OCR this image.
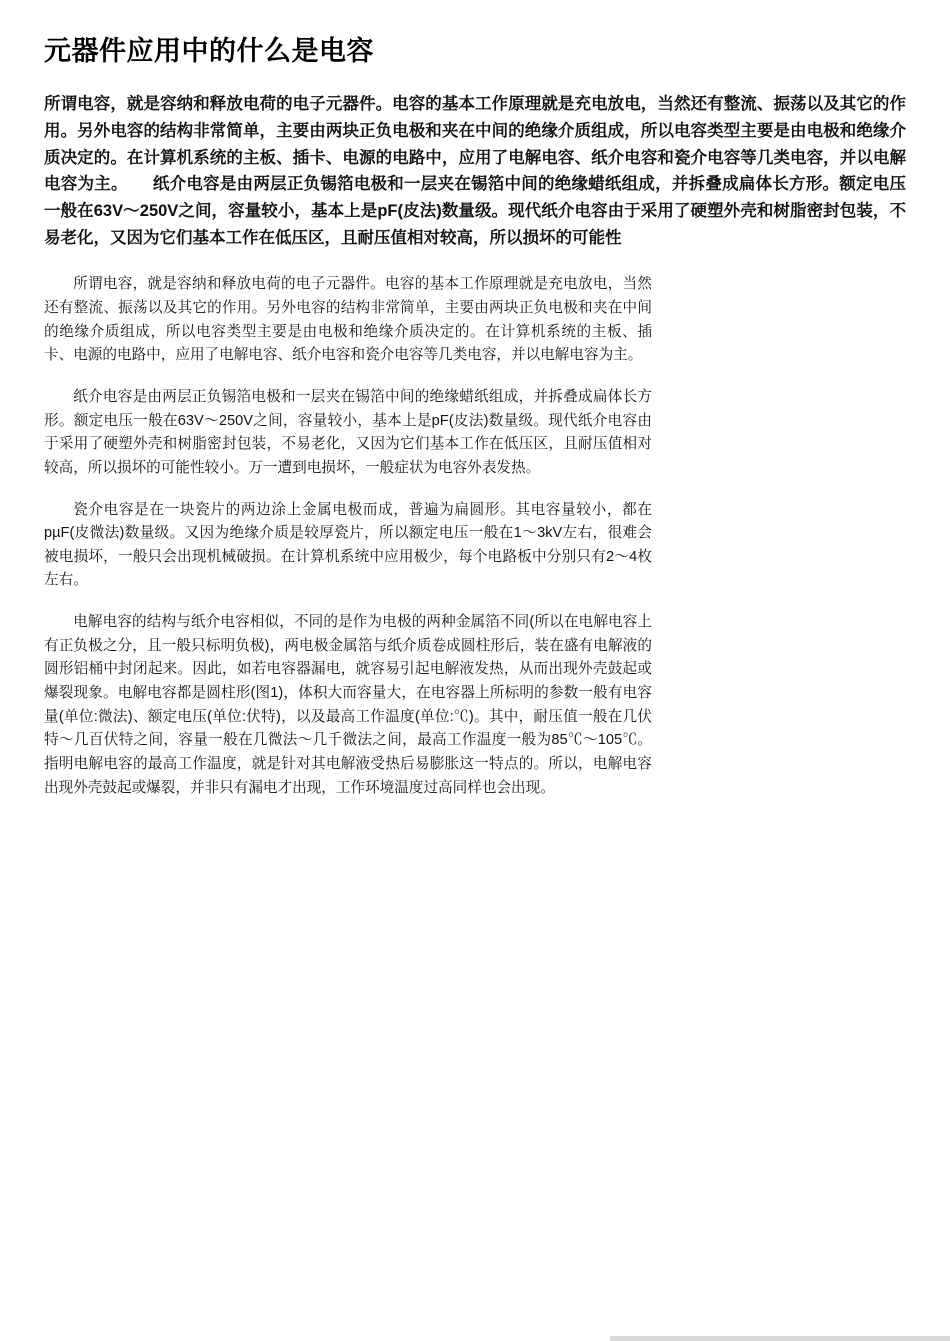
元器件应用中的什么是电容

所谓电容，就是容纳和释放电荷的电子元器件。电容的基本工作原理就是充电放电，当然还有整流、振荡以及其它的作用。另外电容的结构非常简单，主要由两块正负电极和夹在中间的绝缘介质组成，所以电容类型主要是由电极和绝缘介质决定的。在计算机系统的主板、插卡、电源的电路中，应用了电解电容、纸介电容和瓷介电容等几类电容，并以电解电容为主。　　纸介电容是由两层正负锡箔电极和一层夹在锡箔中间的绝缘蜡纸组成，并拆叠成扁体长方形。额定电压一般在63V～250V之间，容量较小，基本上是pF(皮法)数量级。现代纸介电容由于采用了硬塑外壳和树脂密封包装，不易老化，又因为它们基本工作在低压区，且耐压值相对较高，所以损坏的可能性

所谓电容，就是容纳和释放电荷的电子元器件。电容的基本工作原理就是充电放电，当然还有整流、振荡以及其它的作用。另外电容的结构非常简单，主要由两块正负电极和夹在中间的绝缘介质组成，所以电容类型主要是由电极和绝缘介质决定的。在计算机系统的主板、插卡、电源的电路中，应用了电解电容、纸介电容和瓷介电容等几类电容，并以电解电容为主。

纸介电容是由两层正负锡箔电极和一层夹在锡箔中间的绝缘蜡纸组成，并拆叠成扁体长方形。额定电压一般在63V～250V之间，容量较小，基本上是pF(皮法)数量级。现代纸介电容由于采用了硬塑外壳和树脂密封包装，不易老化，又因为它们基本工作在低压区，且耐压值相对较高，所以损坏的可能性较小。万一遭到电损坏，一般症状为电容外表发热。

瓷介电容是在一块瓷片的两边涂上金属电极而成，普遍为扁圆形。其电容量较小，都在pµF(皮微法)数量级。又因为绝缘介质是较厚瓷片，所以额定电压一般在1～3kV左右，很难会被电损坏，一般只会出现机械破损。在计算机系统中应用极少，每个电路板中分别只有2～4枚左右。

电解电容的结构与纸介电容相似，不同的是作为电极的两种金属箔不同(所以在电解电容上有正负极之分，且一般只标明负极)，两电极金属箔与纸介质卷成圆柱形后，装在盛有电解液的圆形铝桶中封闭起来。因此，如若电容器漏电，就容易引起电解液发热，从而出现外壳鼓起或爆裂现象。电解电容都是圆柱形(图1)，体积大而容量大，在电容器上所标明的参数一般有电容量(单位:微法)、额定电压(单位:伏特)，以及最高工作温度(单位:℃)。其中，耐压值一般在几伏特～几百伏特之间，容量一般在几微法～几千微法之间，最高工作温度一般为85℃～105℃。指明电解电容的最高工作温度，就是针对其电解液受热后易膨胀这一特点的。所以，电解电容出现外壳鼓起或爆裂，并非只有漏电才出现，工作环境温度过高同样也会出现。
